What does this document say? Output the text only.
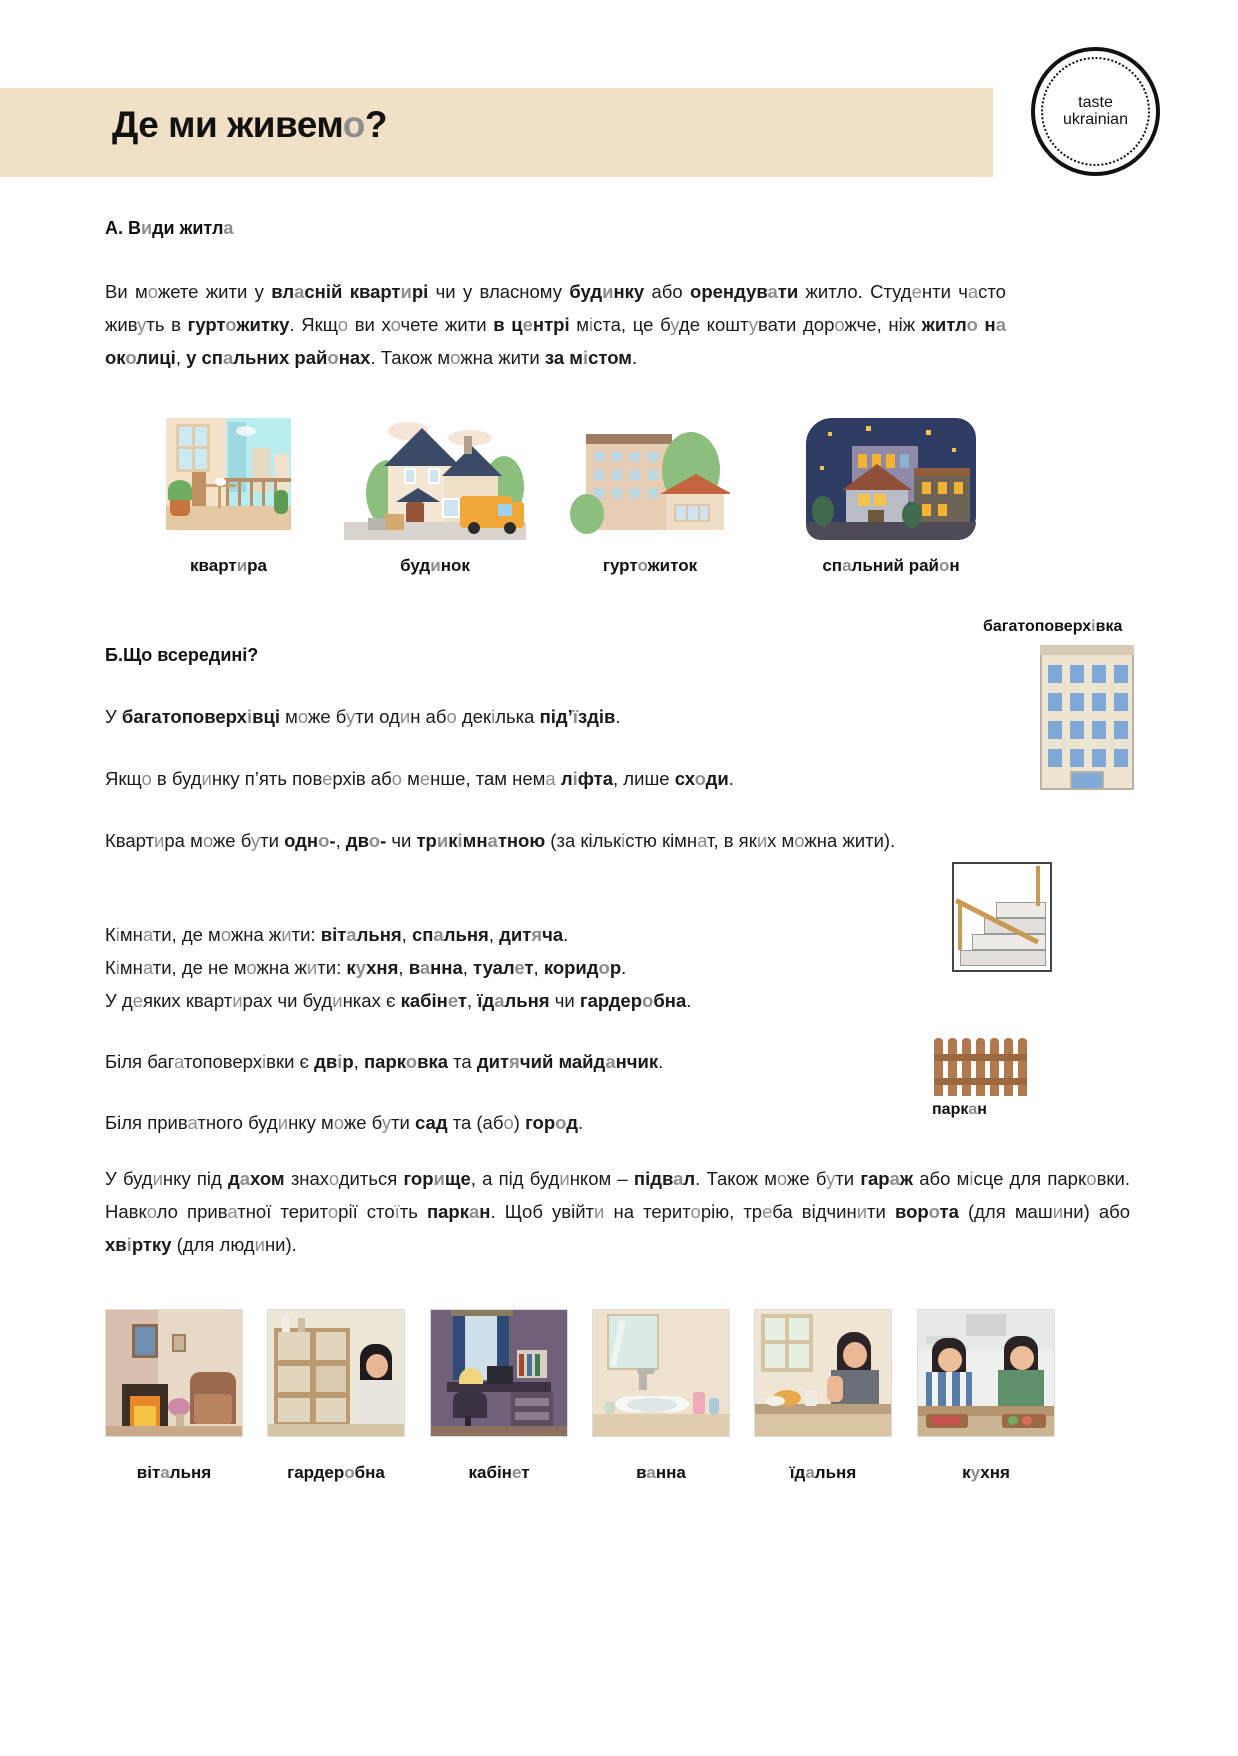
Де ми живемо?
taste
ukrainian
А. Види житла
Ви можете жити у власній квартирі чи у власному будинку або орендувати житло. Студенти часто живуть в гуртожитку. Якщо ви хочете жити в центрі міста, це буде коштувати дорожче, ніж житло на околиці, у спальних районах. Також можна жити за містом.
квартира	будинок	гуртожиток	спальний район
багатоповерхівка
Б.Що всередині?
У багатоповерхівці може бути один або декілька під’їздів.
Якщо в будинку п’ять поверхів або менше, там нема ліфта, лише сходи.
Квартира може бути одно-, дво- чи трикімнатною (за кількістю кімнат, в яких можна жити).
Кімнати, де можна жити: вітальня, спальня, дитяча.
Кімнати, де не можна жити: кухня, ванна, туалет, коридор.
У деяких квартирах чи будинках є кабінет, їдальня чи гардеробна.
паркан
Біля багатоповерхівки є двір, парковка та дитячий майданчик.
Біля приватного будинку може бути сад та (або) город.
У будинку під дахом знаходиться горище, а під будинком – підвал. Також може бути гараж або місце для парковки. Навколо приватної території стоїть паркан. Щоб увійти на територію, треба відчинити ворота (для машини) або хвіртку (для людини).
вітальня	гардеробна	кабінет	ванна	їдальня	кухня
